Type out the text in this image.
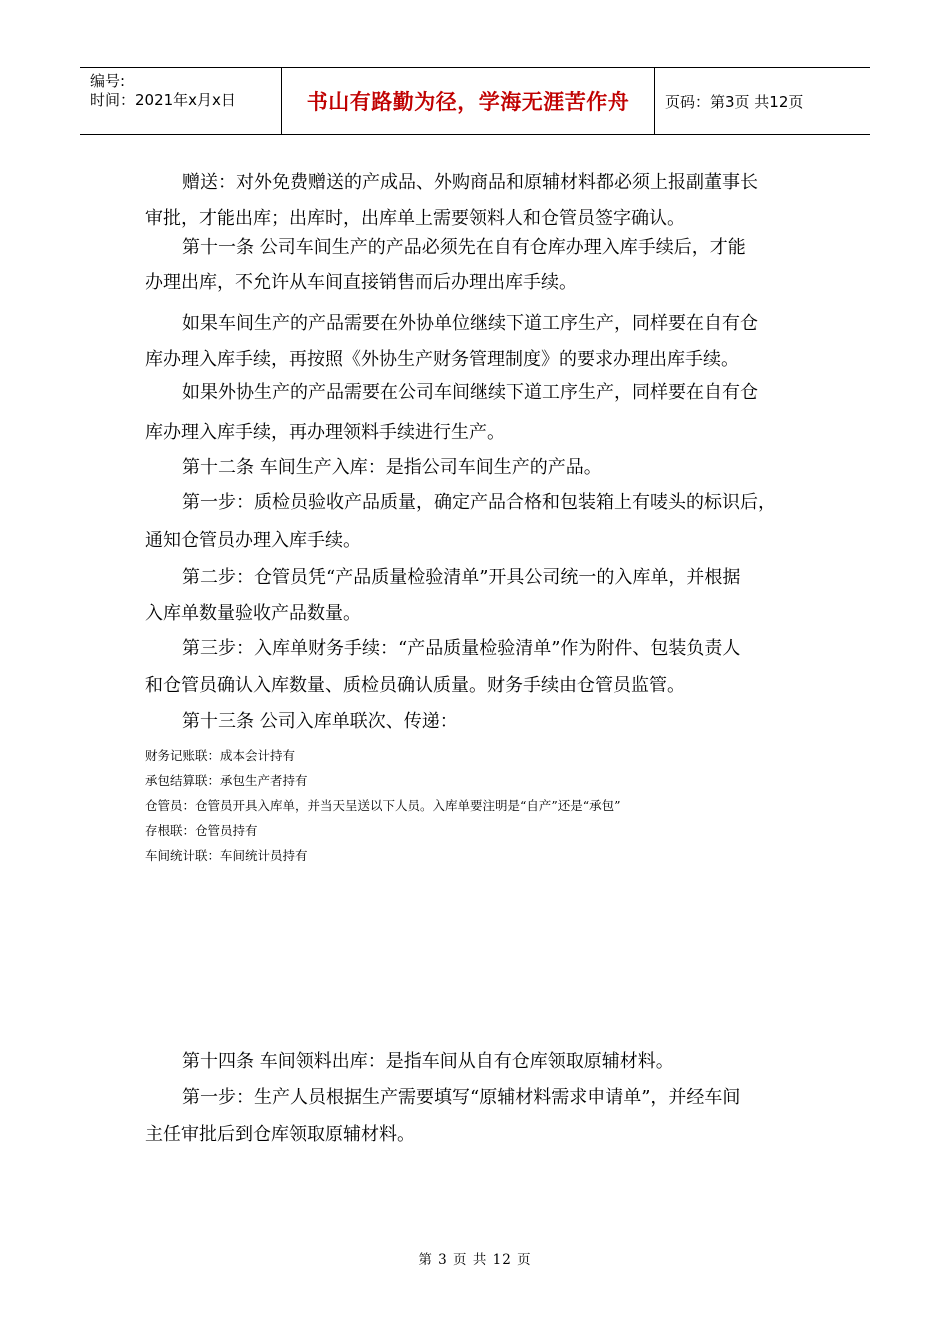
编号:
时间：2021年x月x日	书山有路勤为径，学海无涯苦作舟	页码：第3页 共12页
赠送：对外免费赠送的产成品、外购商品和原辅材料都必须上报副董事长
审批，才能出库；出库时，出库单上需要领料人和仓管员签字确认。
第十一条 公司车间生产的产品必须先在自有仓库办理入库手续后，才能
办理出库，不允许从车间直接销售而后办理出库手续。
如果车间生产的产品需要在外协单位继续下道工序生产，同样要在自有仓
库办理入库手续，再按照《外协生产财务管理制度》的要求办理出库手续。
如果外协生产的产品需要在公司车间继续下道工序生产，同样要在自有仓
库办理入库手续，再办理领料手续进行生产。
第十二条 车间生产入库：是指公司车间生产的产品。
第一步：质检员验收产品质量，确定产品合格和包装箱上有唛头的标识后，
通知仓管员办理入库手续。
第二步：仓管员凭“产品质量检验清单”开具公司统一的入库单，并根据
入库单数量验收产品数量。
第三步：入库单财务手续：“产品质量检验清单”作为附件、包装负责人
和仓管员确认入库数量、质检员确认质量。财务手续由仓管员监管。
第十三条 公司入库单联次、传递：
财务记账联：成本会计持有
承包结算联：承包生产者持有
仓管员：仓管员开具入库单，并当天呈送以下人员。入库单要注明是“自产”还是“承包”
存根联：仓管员持有
车间统计联：车间统计员持有
第十四条 车间领料出库：是指车间从自有仓库领取原辅材料。
第一步：生产人员根据生产需要填写“原辅材料需求申请单”，并经车间
主任审批后到仓库领取原辅材料。
第 3 页 共 12 页
